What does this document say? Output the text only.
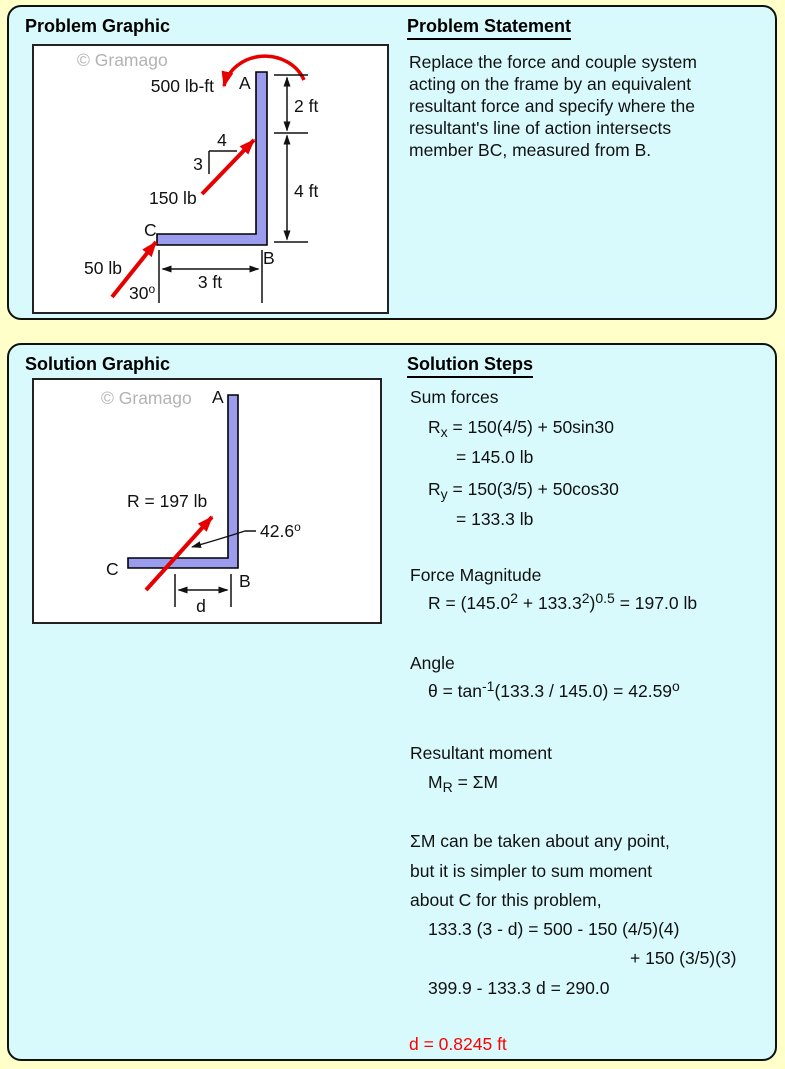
Problem Graphic
© Gramago
500 lb-ft A
2 ft
4 ft
4
3
150 lb
C
B
3 ft
50 lb
30$^o$
Problem Statement
Replace the force and couple system
acting on the frame by an equivalent
resultant force and specify where the
resultant's line of action intersects
member BC, measured from B.
Solution Graphic
© Gramago A
R = 197 lb
42.6$^o$
C
B
d
Solution Steps
Sum forces
$R_x = 150(4/5) + 50\sin 30$
= 145.0 lb
$R_y = 150(3/5) + 50\cos 30$
= 133.3 lb
Force Magnitude
$R = (145.0^2 + 133.3^2)^{0.5} = 197.0$ lb
Angle
$\theta = \tan^{-1}(133.3 / 145.0) = 42.59^o$
Resultant moment
$M_R = \Sigma M$
ΣM can be taken about any point,
but it is simpler to sum moment
about C for this problem,
133.3 (3 - d) = 500 - 150 (4/5)(4)
+ 150 (3/5)(3)
399.9 - 133.3 d = 290.0
d = 0.8245 ft
